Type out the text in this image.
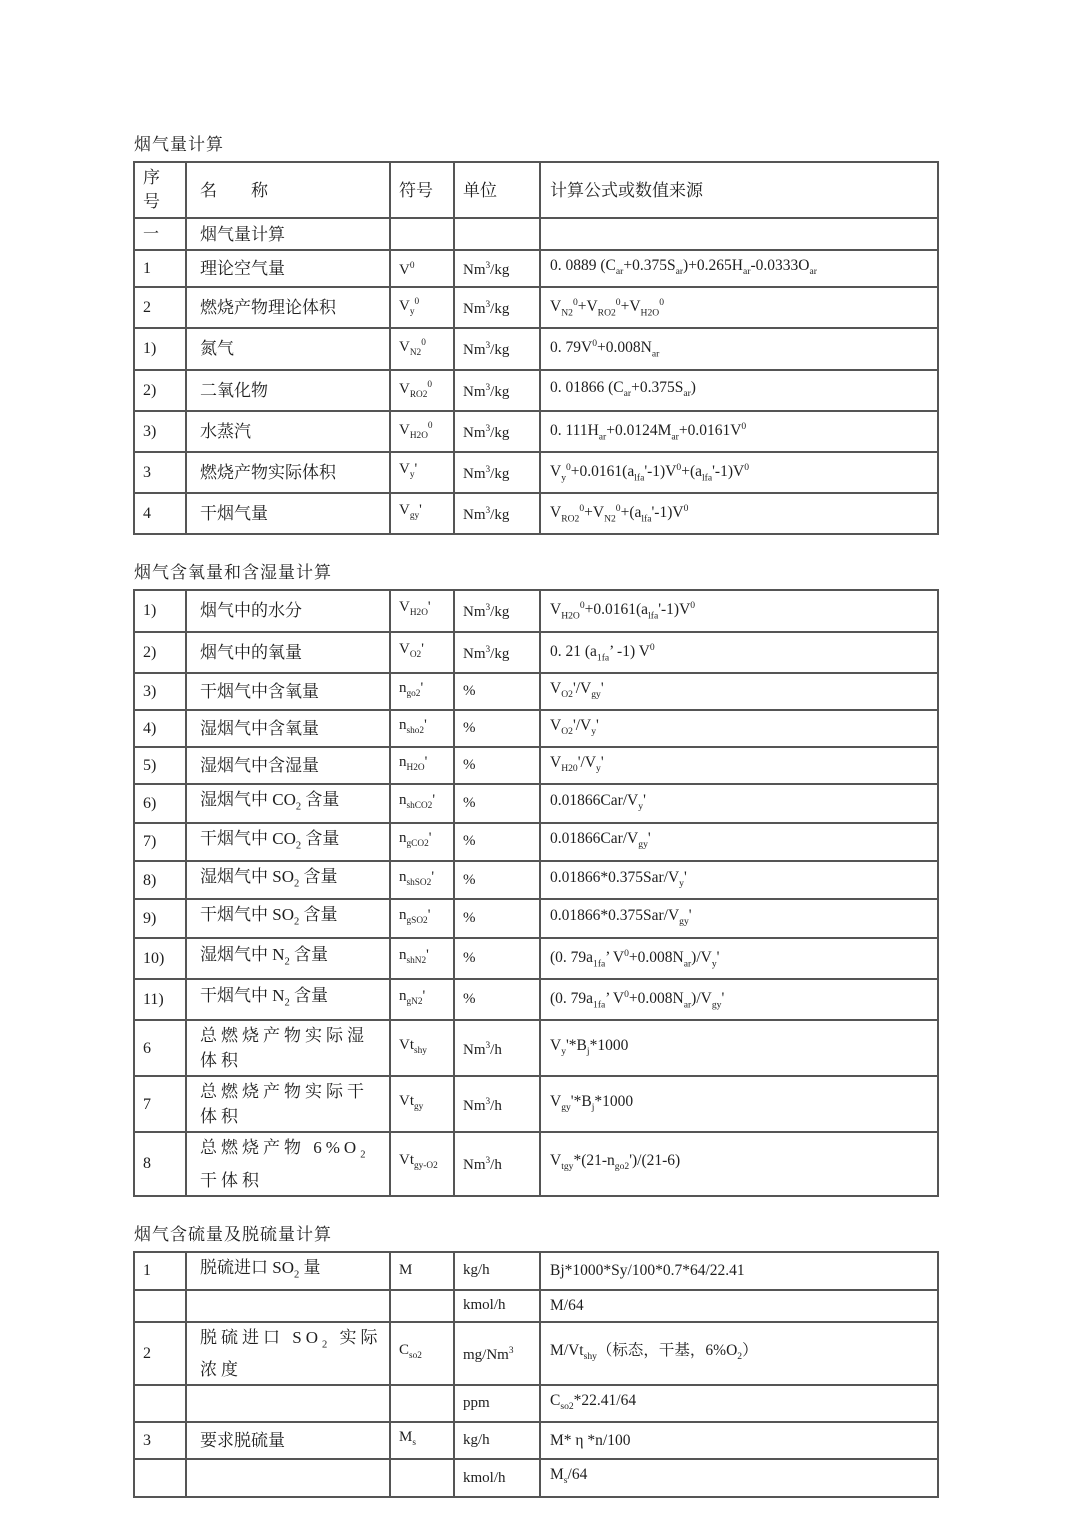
烟气量计算
序
号	名　　称	符号	单位	计算公式或数值来源
一	烟气量计算			
1	理论空气量	$V^0$	Nm$^3$/kg	0. 0889 $(C_{ar}+0.375S_{ar})+0.265H_{ar}-0.0333O_{ar}$
2	燃烧产物理论体积	$V_y^0$	Nm$^3$/kg	$V_{N2}^0+V_{RO2}^0+V_{H2O}^0$
1)	氮气	$V_{N2}^0$	Nm$^3$/kg	0. $79V^0+0.008N_{ar}$
2)	二氧化物	$V_{RO2}^0$	Nm$^3$/kg	0. 01866 $(C_{ar}+0.375S_{ar})$
3)	水蒸汽	$V_{H2O}^0$	Nm$^3$/kg	0. $111H_{ar}+0.0124M_{ar}+0.0161V^0$
3	燃烧产物实际体积	$V_y'$	Nm$^3$/kg	$V_y^0+0.0161(a_{lfa}'-1)V^0+(a_{lfa}'-1)V^0$
4	干烟气量	$V_{gy}'$	Nm$^3$/kg	$V_{RO2}^0+V_{N2}^0+(a_{lfa}'-1)V^0$
烟气含氧量和含湿量计算
1)	烟气中的水分	$V_{H2O}'$	Nm$^3$/kg	$V_{H2O}^0+0.0161(a_{lfa}'-1)V^0$
2)	烟气中的氧量	$V_{O2}'$	Nm$^3$/kg	0. 21 ($a_{1fa}$’ -1) $V^0$
3)	干烟气中含氧量	$n_{go2}'$	%	$V_{O2}'/V_{gy}'$
4)	湿烟气中含氧量	$n_{sho2}'$	%	$V_{O2}'/V_y'$
5)	湿烟气中含湿量	$n_{H2O}'$	%	$V_{H20}'/V_y'$
6)	湿烟气中 $CO_2$ 含量	$n_{shCO2}'$	%	$0.01866Car/V_y'$
7)	干烟气中 $CO_2$ 含量	$n_{gCO2}'$	%	$0.01866Car/V_{gy}'$
8)	湿烟气中 $SO_2$ 含量	$n_{shSO2}'$	%	$0.01866*0.375Sar/V_y'$
9)	干烟气中 $SO_2$ 含量	$n_{gSO2}'$	%	$0.01866*0.375Sar/V_{gy}'$
10)	湿烟气中 $N_2$ 含量	$n_{shN2}'$	%	(0. $79a_{1fa}$’ $V^0+0.008N_{ar})/V_y'$
11)	干烟气中 $N_2$ 含量	$n_{gN2}'$	%	(0. $79a_{1fa}$’ $V^0+0.008N_{ar})/V_{gy}'$
6	总燃烧产物实际湿
体积	$Vt_{shy}$	Nm$^3$/h	$V_y'*B_j*1000$
7	总燃烧产物实际干
体积	$Vt_{gy}$	Nm$^3$/h	$V_{gy}'*B_j*1000$
8	总燃烧产物 $6\%O_2$
干体积	$Vt_{gy-O2}$	Nm$^3$/h	$V_{tgy}*(21-n_{go2}')/(21-6)$
烟气含硫量及脱硫量计算
1	脱硫进口 $SO_2$ 量	M	kg/h	Bj*1000*Sy/100*0.7*64/22.41
			kmol/h	M/64
2	脱硫进口 $SO_2$ 实际
浓度	$C_{so2}$	mg/Nm$^3$	$M/Vt_{shy}$（标态，干基，$6\%O_2$）
			ppm	$C_{so2}*22.41/64$
3	要求脱硫量	$M_s$	kg/h	M* η *n/100
			kmol/h	$M_s/64$
